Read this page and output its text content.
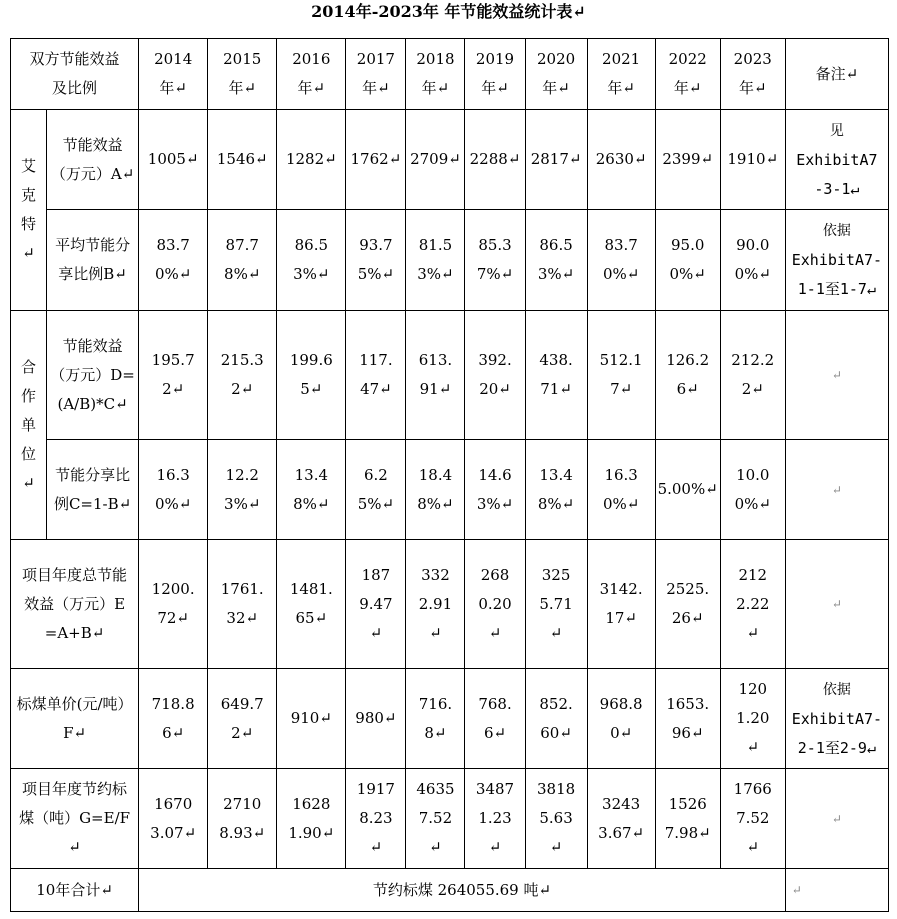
2014年-2023年 年节能效益统计表↵
双方节能效益及比例		2014年↵	2015年↵	2016年↵	2017年↵	2018年↵	2019年↵	2020年↵	2021年↵	2022年↵	2023年↵	备注↵
艾克特↵	节能效益（万元）A↵	1005↵	1546↵	1282↵	1762↵	2709↵	2288↵	2817↵	2630↵	2399↵	1910↵	见
ExhibitA7-3-1↵
	平均节能分享比例B↵	83.70%↵	87.78%↵	86.53%↵	93.75%↵	81.53%↵	85.37%↵	86.53%↵	83.70%↵	95.00%↵	90.00%↵	依据
ExhibitA7-1-1至1-7↵
合作单位↵	节能效益（万元）D=(A/B)*C↵	195.72↵	215.32↵	199.65↵	117.47↵	613.91↵	392.20↵	438.71↵	512.17↵	126.26↵	212.22↵	↵
	节能分享比例C=1-B↵	16.30%↵	12.23%↵	13.48%↵	6.25%↵	18.48%↵	14.63%↵	13.48%↵	16.30%↵	5.00%↵	10.00%↵	↵
项目年度总节能效益（万元）E=A+B↵		1200.72↵	1761.32↵	1481.65↵	1879.47↵	3322.91↵	2680.20↵	3255.71↵	3142.17↵	2525.26↵	2122.22↵	↵
标煤单价(元/吨）F↵		718.86↵	649.72↵	910↵	980↵	716.8↵	768.6↵	852.60↵	968.80↵	1653.96↵	1201.20↵	依据
ExhibitA7-2-1至2-9↵
项目年度节约标煤（吨）G=E/F↵		16703.07↵	27108.93↵	16281.90↵	19178.23↵	46357.52↵	34871.23↵	38185.63↵	32433.67↵	15267.98↵	17667.52↵	↵
10年合计↵		节约标煤 264055.69 吨↵										↵
